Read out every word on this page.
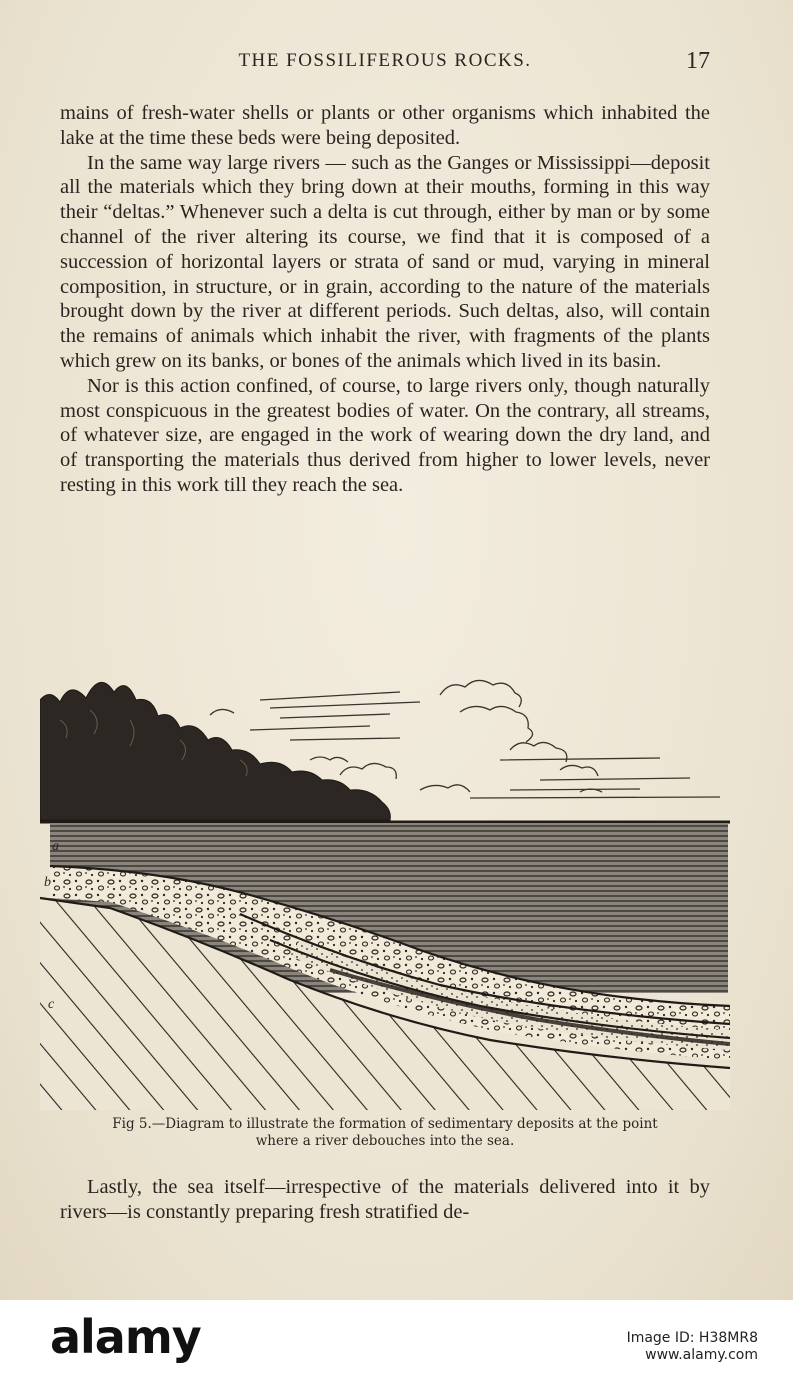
THE FOSSILIFEROUS ROCKS.	17

mains of fresh-water shells or plants or other organisms which inhabited the lake at the time these beds were being deposited.

In the same way large rivers — such as the Ganges or Mississippi—deposit all the materials which they bring down at their mouths, forming in this way their “deltas.” Whenever such a delta is cut through, either by man or by some channel of the river altering its course, we find that it is composed of a succession of horizontal layers or strata of sand or mud, varying in mineral composition, in structure, or in grain, according to the nature of the materials brought down by the river at different periods. Such deltas, also, will contain the remains of animals which inhabit the river, with fragments of the plants which grew on its banks, or bones of the animals which lived in its basin.

Nor is this action confined, of course, to large rivers only, though naturally most conspicuous in the greatest bodies of water. On the contrary, all streams, of whatever size, are engaged in the work of wearing down the dry land, and of transporting the materials thus derived from higher to lower levels, never resting in this work till they reach the sea.

a
b
c
Fig 5.—Diagram to illustrate the formation of sedimentary deposits at the point
where a river debouches into the sea.

Lastly, the sea itself—irrespective of the materials delivered into it by rivers—is constantly preparing fresh stratified de-

alamy	Image ID: H38MR8
www.alamy.com
